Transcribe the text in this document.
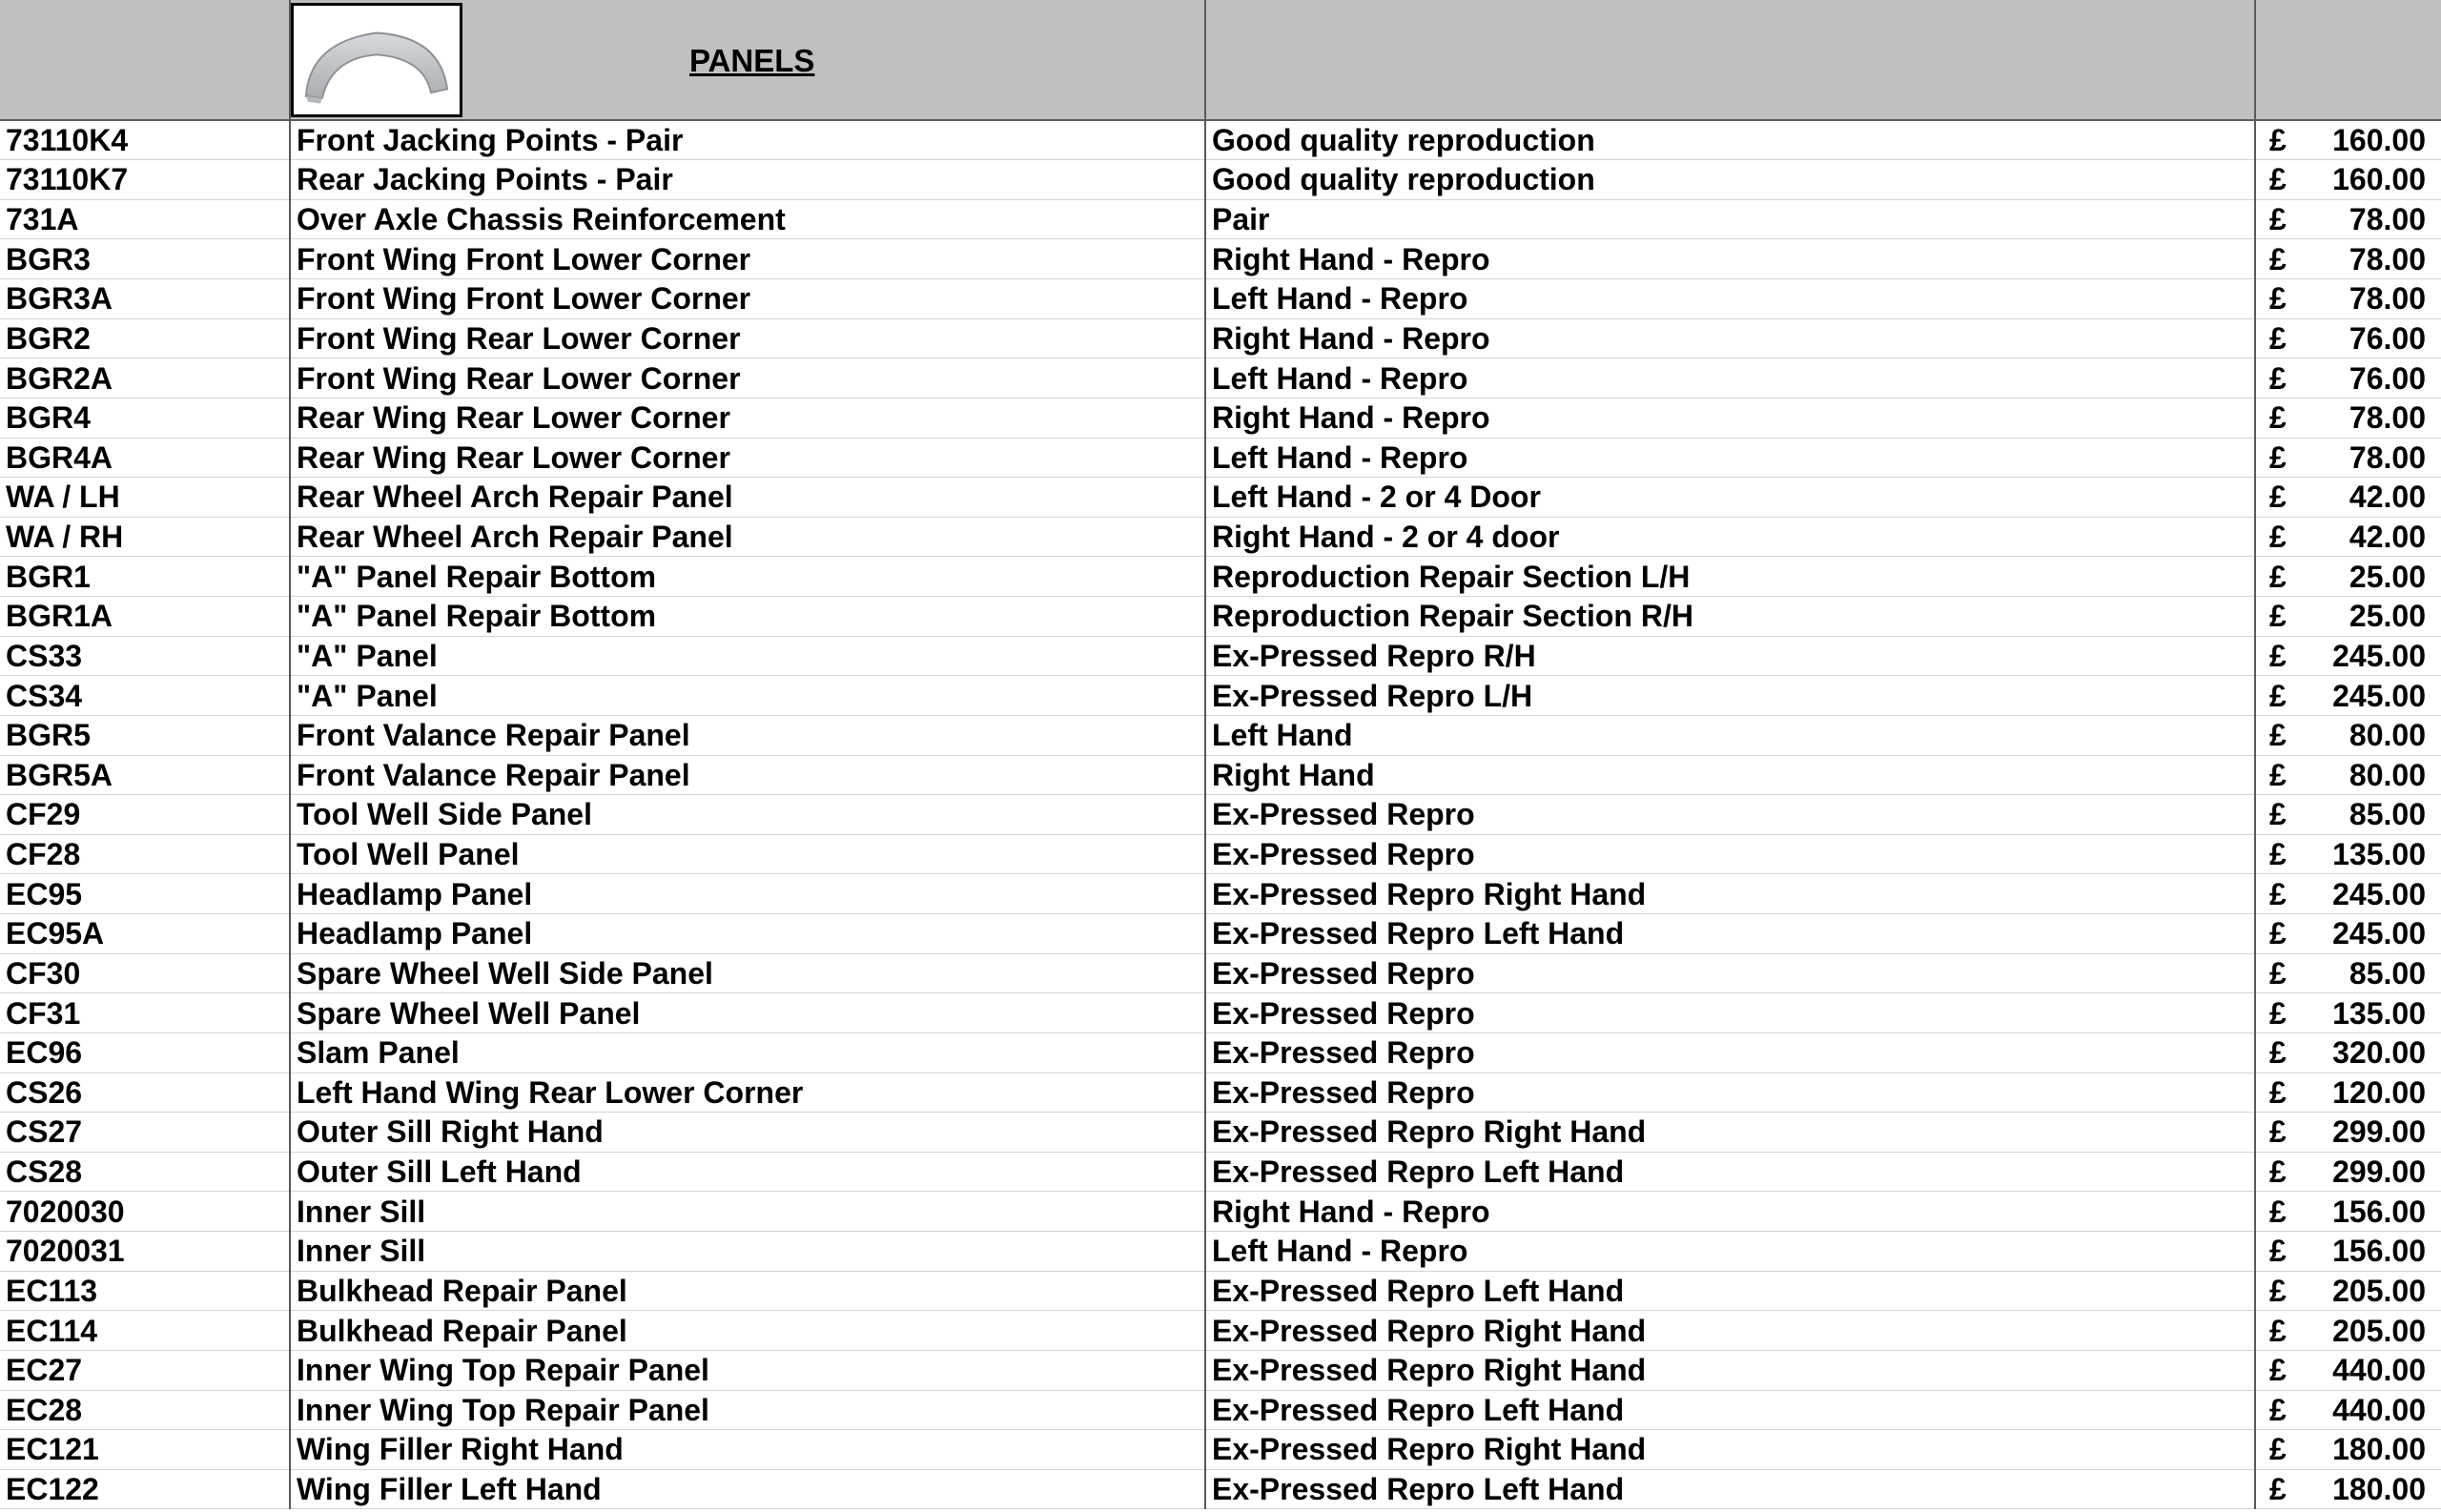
	PANELS		

73110K4	Front Jacking Points - Pair	Good quality reproduction	£ 160.00

73110K7	Rear Jacking Points - Pair	Good quality reproduction	£ 160.00

731A	Over Axle Chassis Reinforcement	Pair	£ 78.00

BGR3	Front Wing Front Lower Corner	Right Hand - Repro	£ 78.00

BGR3A	Front Wing Front Lower Corner	Left Hand - Repro	£ 78.00

BGR2	Front Wing Rear Lower Corner	Right Hand - Repro	£ 76.00

BGR2A	Front Wing Rear Lower Corner	Left Hand - Repro	£ 76.00

BGR4	Rear Wing Rear Lower Corner	Right Hand - Repro	£ 78.00

BGR4A	Rear Wing Rear Lower Corner	Left Hand - Repro	£ 78.00

WA / LH	Rear Wheel Arch Repair Panel	Left Hand - 2 or 4 Door	£ 42.00

WA / RH	Rear Wheel Arch Repair Panel	Right Hand - 2 or 4 door	£ 42.00

BGR1	"A" Panel Repair Bottom	Reproduction Repair Section L/H	£ 25.00

BGR1A	"A" Panel Repair Bottom	Reproduction Repair Section R/H	£ 25.00

CS33	"A" Panel	Ex-Pressed Repro R/H	£ 245.00

CS34	"A" Panel	Ex-Pressed Repro L/H	£ 245.00

BGR5	Front Valance Repair Panel	Left Hand	£ 80.00

BGR5A	Front Valance Repair Panel	Right Hand	£ 80.00

CF29	Tool Well Side Panel	Ex-Pressed Repro	£ 85.00

CF28	Tool Well Panel	Ex-Pressed Repro	£ 135.00

EC95	Headlamp Panel	Ex-Pressed Repro Right Hand	£ 245.00

EC95A	Headlamp Panel	Ex-Pressed Repro Left Hand	£ 245.00

CF30	Spare Wheel Well Side Panel	Ex-Pressed Repro	£ 85.00

CF31	Spare Wheel Well Panel	Ex-Pressed Repro	£ 135.00

EC96	Slam Panel	Ex-Pressed Repro	£ 320.00

CS26	Left Hand Wing Rear Lower Corner	Ex-Pressed Repro	£ 120.00

CS27	Outer Sill Right Hand	Ex-Pressed Repro Right Hand	£ 299.00

CS28	Outer Sill Left Hand	Ex-Pressed Repro Left Hand	£ 299.00

7020030	Inner Sill	Right Hand - Repro	£ 156.00

7020031	Inner Sill	Left Hand - Repro	£ 156.00

EC113	Bulkhead Repair Panel	Ex-Pressed Repro Left Hand	£ 205.00

EC114	Bulkhead Repair Panel	Ex-Pressed Repro Right Hand	£ 205.00

EC27	Inner Wing Top Repair Panel	Ex-Pressed Repro Right Hand	£ 440.00

EC28	Inner Wing Top Repair Panel	Ex-Pressed Repro Left Hand	£ 440.00

EC121	Wing Filler Right Hand	Ex-Pressed Repro Right Hand	£ 180.00

EC122	Wing Filler Left Hand	Ex-Pressed Repro Left Hand	£ 180.00
